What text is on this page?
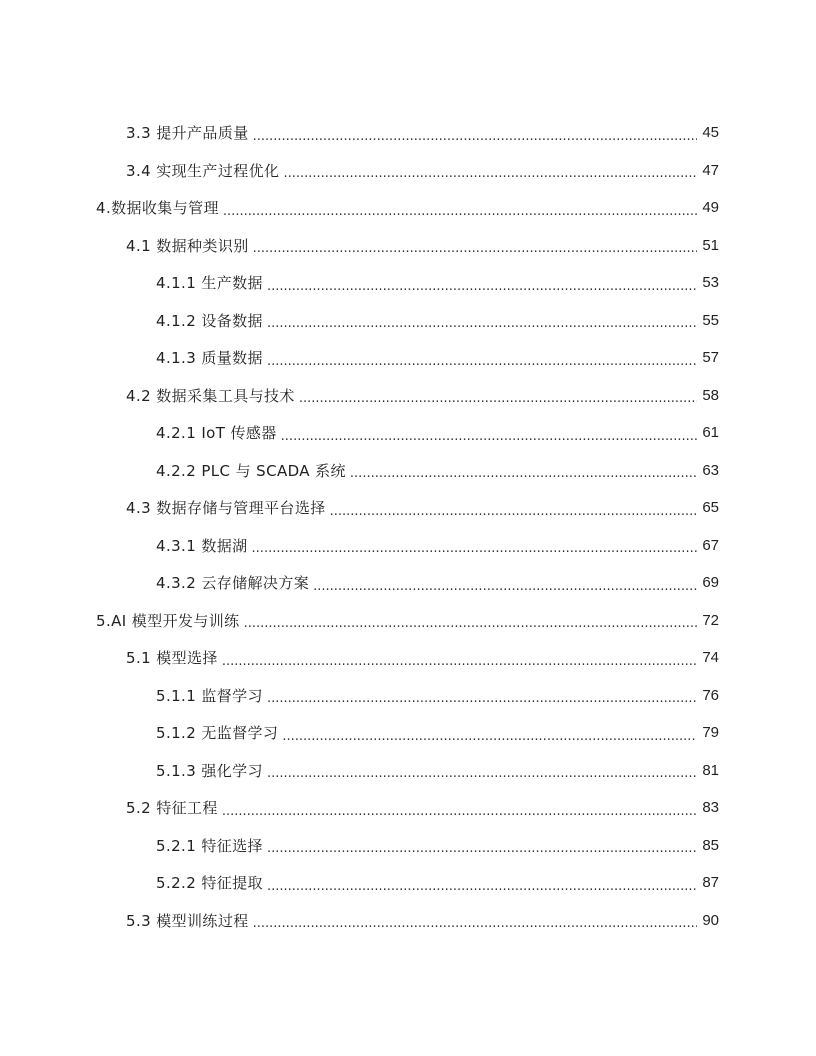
3.3 提升产品质量 .....	45
3.4 实现生产过程优化 .....	47
4.数据收集与管理 .....	49
4.1 数据种类识别 .....	51
4.1.1 生产数据 .....	53
4.1.2 设备数据 .....	55
4.1.3 质量数据 .....	57
4.2 数据采集工具与技术 .....	58
4.2.1 IoT 传感器 .....	61
4.2.2 PLC 与 SCADA 系统 .....	63
4.3 数据存储与管理平台选择 .....	65
4.3.1 数据湖 .....	67
4.3.2 云存储解决方案 .....	69
5.AI 模型开发与训练 .....	72
5.1 模型选择 .....	74
5.1.1 监督学习 .....	76
5.1.2 无监督学习 .....	79
5.1.3 强化学习 .....	81
5.2 特征工程 .....	83
5.2.1 特征选择 .....	85
5.2.2 特征提取 .....	87
5.3 模型训练过程 .....	90
